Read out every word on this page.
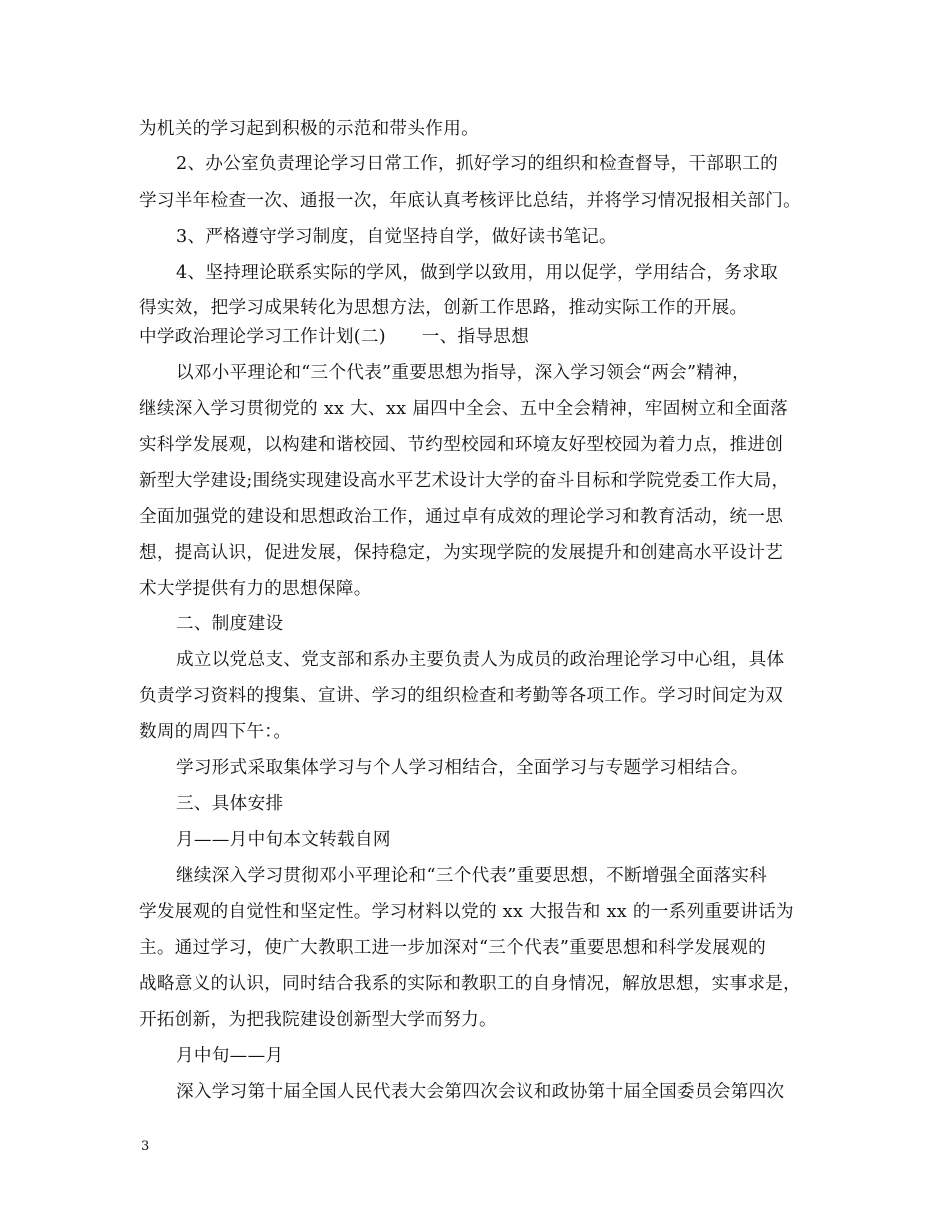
为机关的学习起到积极的示范和带头作用。
2、办公室负责理论学习日常工作，抓好学习的组织和检查督导，干部职工的
学习半年检查一次、通报一次，年底认真考核评比总结，并将学习情况报相关部门。
3、严格遵守学习制度，自觉坚持自学，做好读书笔记。
4、坚持理论联系实际的学风，做到学以致用，用以促学，学用结合，务求取
得实效，把学习成果转化为思想方法，创新工作思路，推动实际工作的开展。
中学政治理论学习工作计划(二)　　一、指导思想
以邓小平理论和“三个代表”重要思想为指导，深入学习领会“两会”精神，
继续深入学习贯彻党的 xx 大、xx 届四中全会、五中全会精神，牢固树立和全面落
实科学发展观，以构建和谐校园、节约型校园和环境友好型校园为着力点，推进创
新型大学建设;围绕实现建设高水平艺术设计大学的奋斗目标和学院党委工作大局，
全面加强党的建设和思想政治工作，通过卓有成效的理论学习和教育活动，统一思
想，提高认识，促进发展，保持稳定，为实现学院的发展提升和创建高水平设计艺
术大学提供有力的思想保障。
二、制度建设
成立以党总支、党支部和系办主要负责人为成员的政治理论学习中心组，具体
负责学习资料的搜集、宣讲、学习的组织检查和考勤等各项工作。学习时间定为双
数周的周四下午：。
学习形式采取集体学习与个人学习相结合，全面学习与专题学习相结合。
三、具体安排
月——月中旬本文转载自网
继续深入学习贯彻邓小平理论和“三个代表”重要思想，不断增强全面落实科
学发展观的自觉性和坚定性。学习材料以党的 xx 大报告和 xx 的一系列重要讲话为
主。通过学习，使广大教职工进一步加深对“三个代表”重要思想和科学发展观的
战略意义的认识，同时结合我系的实际和教职工的自身情况，解放思想，实事求是，
开拓创新，为把我院建设创新型大学而努力。
月中旬——月
深入学习第十届全国人民代表大会第四次会议和政协第十届全国委员会第四次
3
